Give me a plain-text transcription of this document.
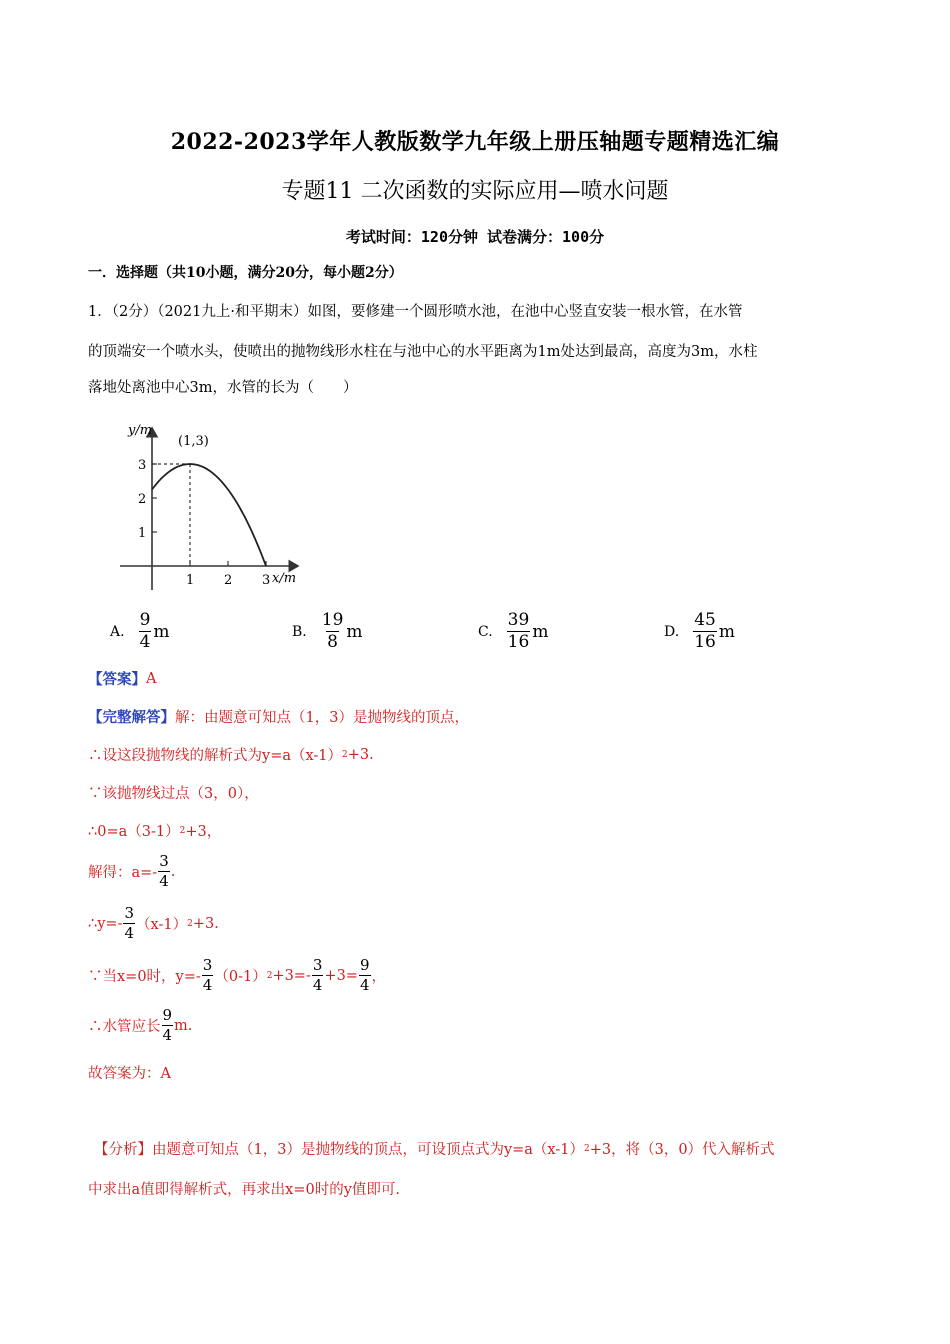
2022-2023学年人教版数学九年级上册压轴题专题精选汇编
专题11 二次函数的实际应用—喷水问题
考试时间：120分钟 试卷满分：100分
一．选择题（共10小题，满分20分，每小题2分）
1．（2分）（2021九上·和平期末）如图，要修建一个圆形喷水池，在池中心竖直安装一根水管，在水管
的顶端安一个喷水头，使喷出的抛物线形水柱在与池中心的水平距离为1m处达到最高，高度为3m，水柱
落地处离池中心3m，水管的长为（　　）
y/m
x/m
(1,3)
3
2
1
1 2 3
A. $\frac{9}{4}$ m	B. $\frac{19}{8}$ m	C. $\frac{39}{16}$ m	D. $\frac{45}{16}$ m
【答案】 A
【完整解答】 解：由题意可知点（1，3）是抛物线的顶点，
∴设这段抛物线的解析式为y=a（x-1） 2 +3.
∵该抛物线过点（3，0），
∴0=a（3-1） 2 +3，
解得：$a=- \frac{3}{4}$ .
∴y=- $\frac{3}{4} (x-1)$ 2 +3.
∵当x=0时，$y=- \frac{3}{4} (0-1)$ $2 +3=- \frac{3}{4} +3= \frac{9}{4}$ ，
∴水管应长 $\frac{9}{4} m$.
故答案为：A
【分析】 由题意可知点（1，3）是抛物线的顶点，可设顶点式为y=a（x-1） 2 +3，将（3，0）代入解析式
中求出a值即得解析式，再求出x=0时的y值即可.
